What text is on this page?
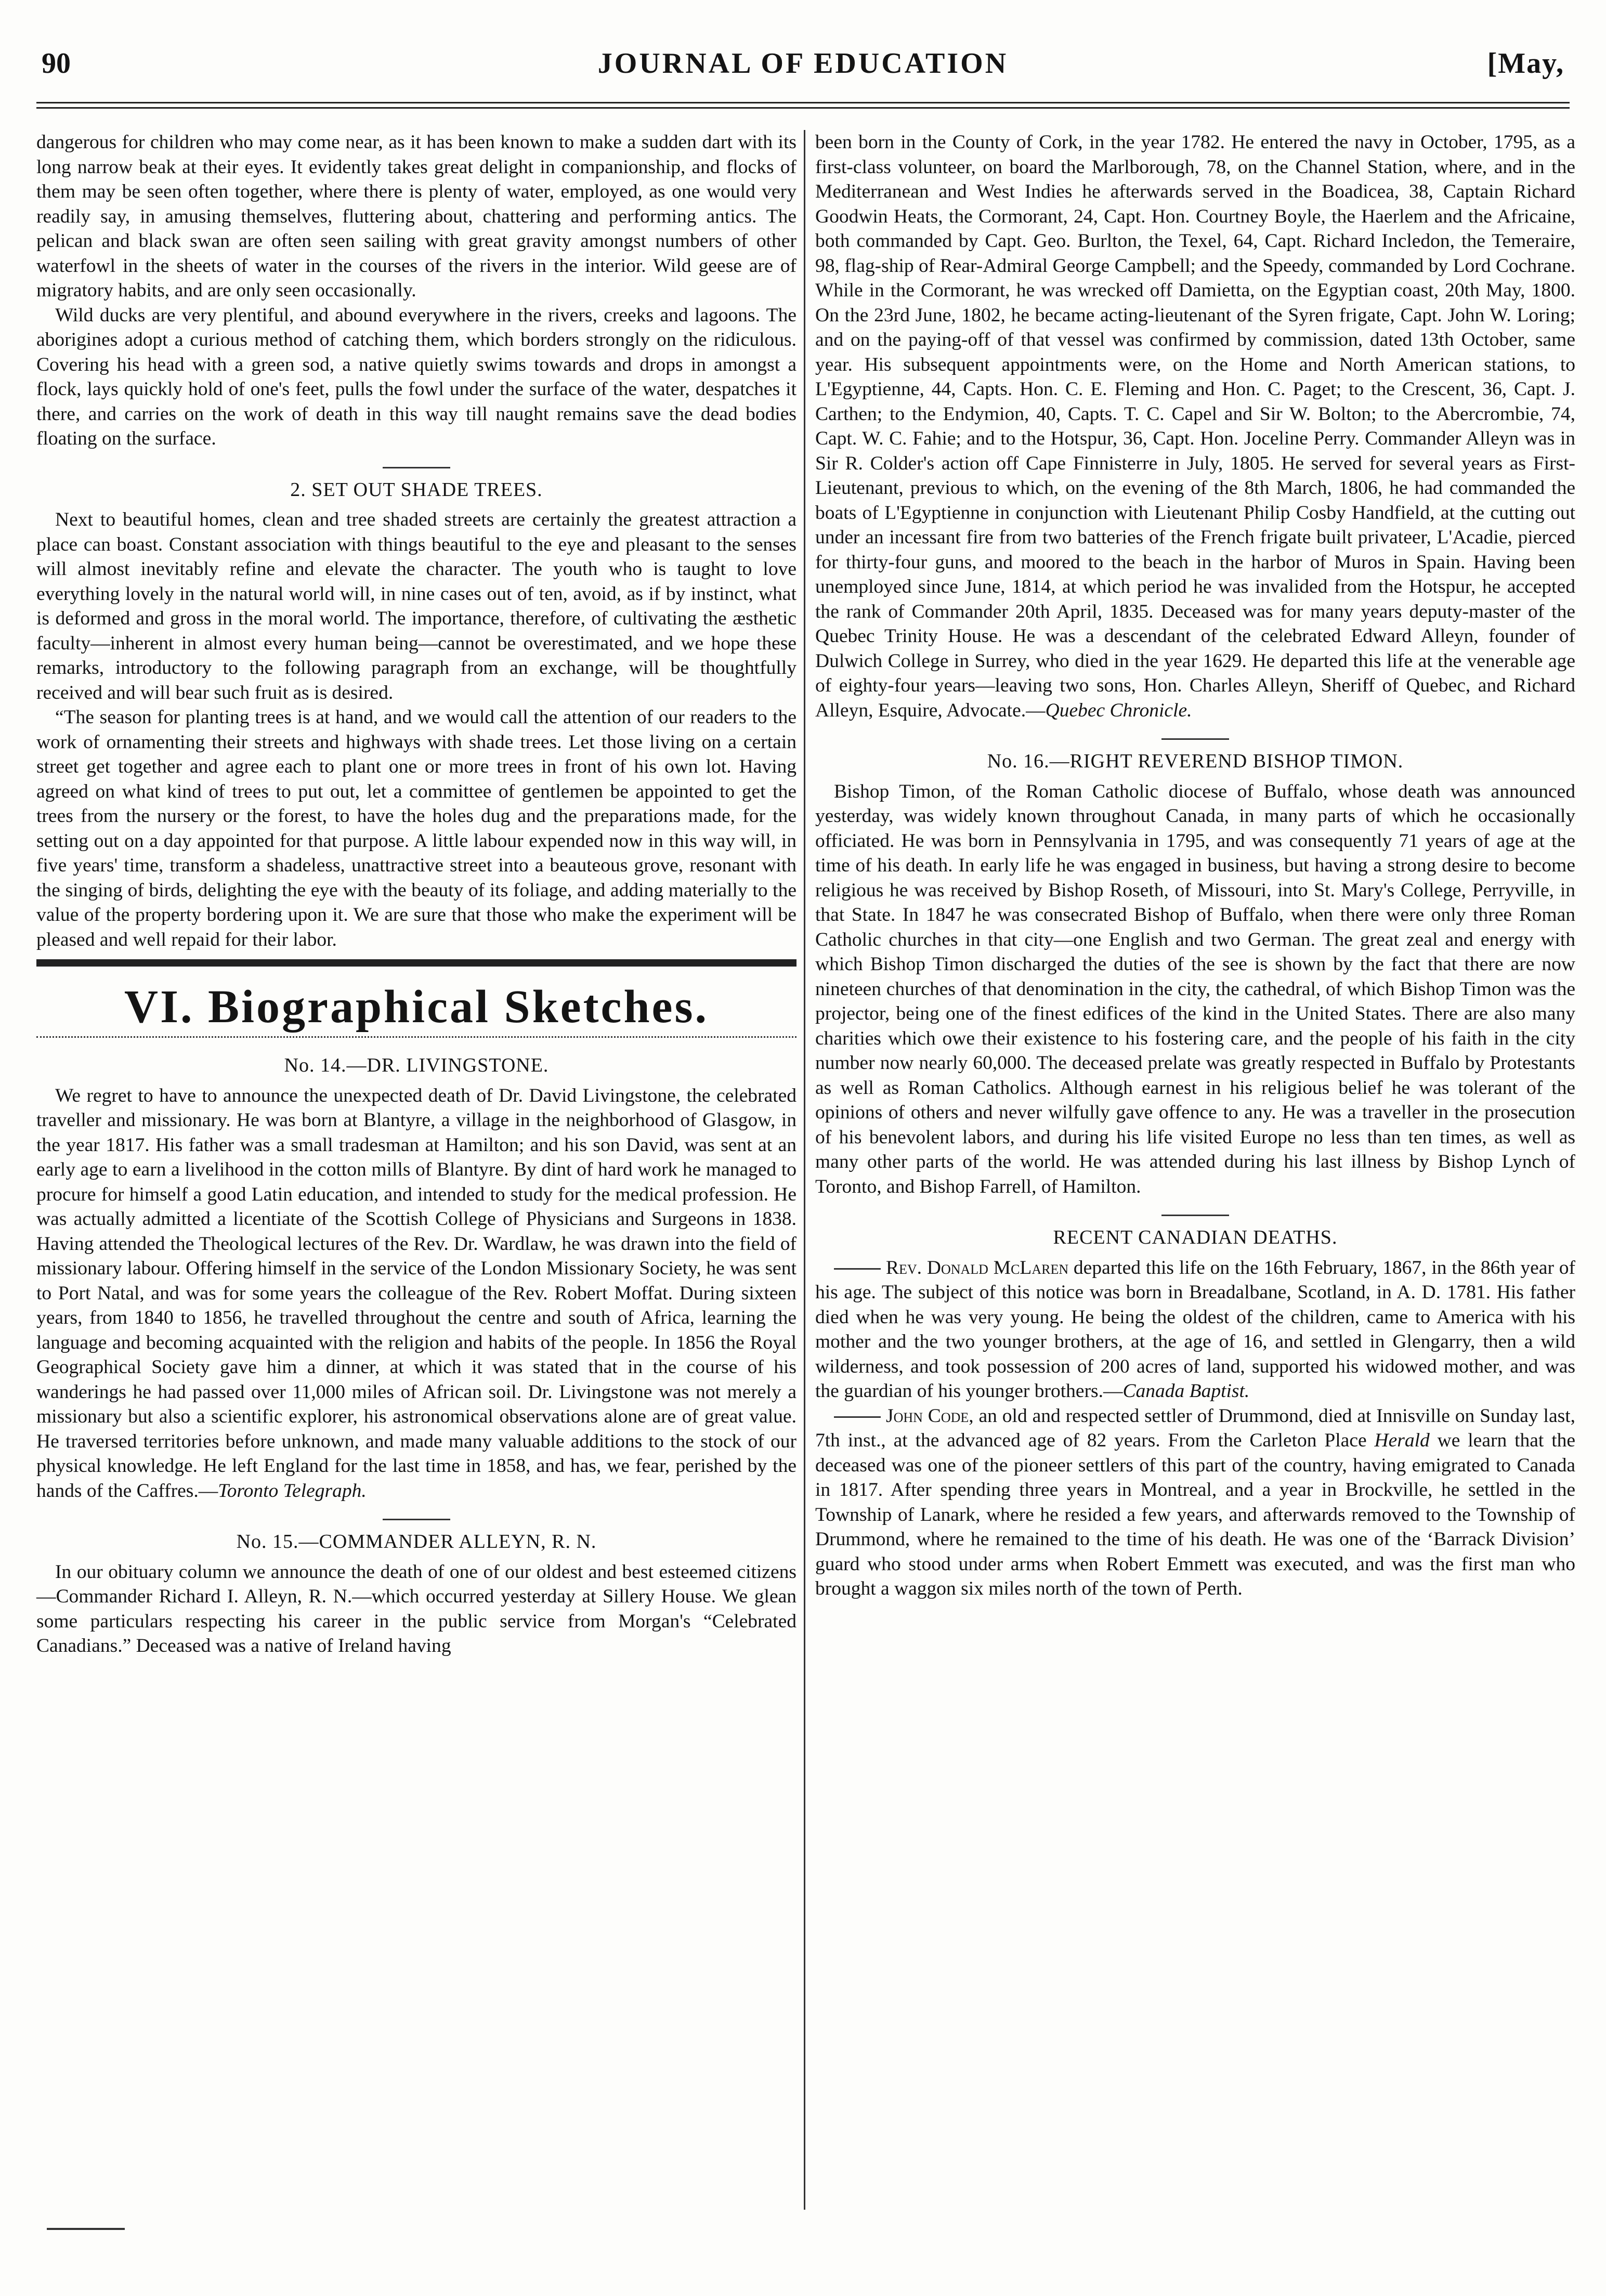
90	JOURNAL OF EDUCATION	[May,

dangerous for children who may come near, as it has been known to make a sudden dart with its long narrow beak at their eyes. It evidently takes great delight in companionship, and flocks of them may be seen often together, where there is plenty of water, employed, as one would very readily say, in amusing themselves, fluttering about, chattering and performing antics. The pelican and black swan are often seen sailing with great gravity amongst numbers of other waterfowl in the sheets of water in the courses of the rivers in the interior. Wild geese are of migratory habits, and are only seen occasionally.

Wild ducks are very plentiful, and abound everywhere in the rivers, creeks and lagoons. The aborigines adopt a curious method of catching them, which borders strongly on the ridiculous. Covering his head with a green sod, a native quietly swims towards and drops in amongst a flock, lays quickly hold of one's feet, pulls the fowl under the surface of the water, despatches it there, and carries on the work of death in this way till naught remains save the dead bodies floating on the surface.

2. SET OUT SHADE TREES.

Next to beautiful homes, clean and tree shaded streets are certainly the greatest attraction a place can boast. Constant association with things beautiful to the eye and pleasant to the senses will almost inevitably refine and elevate the character. The youth who is taught to love everything lovely in the natural world will, in nine cases out of ten, avoid, as if by instinct, what is deformed and gross in the moral world. The importance, therefore, of cultivating the æsthetic faculty—inherent in almost every human being—cannot be overestimated, and we hope these remarks, introductory to the following paragraph from an exchange, will be thoughtfully received and will bear such fruit as is desired.

“The season for planting trees is at hand, and we would call the attention of our readers to the work of ornamenting their streets and highways with shade trees. Let those living on a certain street get together and agree each to plant one or more trees in front of his own lot. Having agreed on what kind of trees to put out, let a committee of gentlemen be appointed to get the trees from the nursery or the forest, to have the holes dug and the preparations made, for the setting out on a day appointed for that purpose. A little labour expended now in this way will, in five years' time, transform a shadeless, unattractive street into a beauteous grove, resonant with the singing of birds, delighting the eye with the beauty of its foliage, and adding materially to the value of the property bordering upon it. We are sure that those who make the experiment will be pleased and well repaid for their labor.

VI. Biographical Sketches.
No. 14.—DR. LIVINGSTONE.

We regret to have to announce the unexpected death of Dr. David Livingstone, the celebrated traveller and missionary. He was born at Blantyre, a village in the neighborhood of Glasgow, in the year 1817. His father was a small tradesman at Hamilton; and his son David, was sent at an early age to earn a livelihood in the cotton mills of Blantyre. By dint of hard work he managed to procure for himself a good Latin education, and intended to study for the medical profession. He was actually admitted a licentiate of the Scottish College of Physicians and Surgeons in 1838. Having attended the Theological lectures of the Rev. Dr. Wardlaw, he was drawn into the field of missionary labour. Offering himself in the service of the London Missionary Society, he was sent to Port Natal, and was for some years the colleague of the Rev. Robert Moffat. During sixteen years, from 1840 to 1856, he travelled throughout the centre and south of Africa, learning the language and becoming acquainted with the religion and habits of the people. In 1856 the Royal Geographical Society gave him a dinner, at which it was stated that in the course of his wanderings he had passed over 11,000 miles of African soil. Dr. Livingstone was not merely a missionary but also a scientific explorer, his astronomical observations alone are of great value. He traversed territories before unknown, and made many valuable additions to the stock of our physical knowledge. He left England for the last time in 1858, and has, we fear, perished by the hands of the Caffres.—Toronto Telegraph.

No. 15.—COMMANDER ALLEYN, R. N.

In our obituary column we announce the death of one of our oldest and best esteemed citizens—Commander Richard I. Alleyn, R. N.—which occurred yesterday at Sillery House. We glean some particulars respecting his career in the public service from Morgan's “Celebrated Canadians.” Deceased was a native of Ireland having

been born in the County of Cork, in the year 1782. He entered the navy in October, 1795, as a first-class volunteer, on board the Marlborough, 78, on the Channel Station, where, and in the Mediterranean and West Indies he afterwards served in the Boadicea, 38, Captain Richard Goodwin Heats, the Cormorant, 24, Capt. Hon. Courtney Boyle, the Haerlem and the Africaine, both commanded by Capt. Geo. Burlton, the Texel, 64, Capt. Richard Incledon, the Temeraire, 98, flag-ship of Rear-Admiral George Campbell; and the Speedy, commanded by Lord Cochrane. While in the Cormorant, he was wrecked off Damietta, on the Egyptian coast, 20th May, 1800. On the 23rd June, 1802, he became acting-lieutenant of the Syren frigate, Capt. John W. Loring; and on the paying-off of that vessel was confirmed by commission, dated 13th October, same year. His subsequent appointments were, on the Home and North American stations, to L'Egyptienne, 44, Capts. Hon. C. E. Fleming and Hon. C. Paget; to the Crescent, 36, Capt. J. Carthen; to the Endymion, 40, Capts. T. C. Capel and Sir W. Bolton; to the Abercrombie, 74, Capt. W. C. Fahie; and to the Hotspur, 36, Capt. Hon. Joceline Perry. Commander Alleyn was in Sir R. Colder's action off Cape Finnisterre in July, 1805. He served for several years as First-Lieutenant, previous to which, on the evening of the 8th March, 1806, he had commanded the boats of L'Egyptienne in conjunction with Lieutenant Philip Cosby Handfield, at the cutting out under an incessant fire from two batteries of the French frigate built privateer, L'Acadie, pierced for thirty-four guns, and moored to the beach in the harbor of Muros in Spain. Having been unemployed since June, 1814, at which period he was invalided from the Hotspur, he accepted the rank of Commander 20th April, 1835. Deceased was for many years deputy-master of the Quebec Trinity House. He was a descendant of the celebrated Edward Alleyn, founder of Dulwich College in Surrey, who died in the year 1629. He departed this life at the venerable age of eighty-four years—leaving two sons, Hon. Charles Alleyn, Sheriff of Quebec, and Richard Alleyn, Esquire, Advocate.—Quebec Chronicle.

No. 16.—RIGHT REVEREND BISHOP TIMON.

Bishop Timon, of the Roman Catholic diocese of Buffalo, whose death was announced yesterday, was widely known throughout Canada, in many parts of which he occasionally officiated. He was born in Pennsylvania in 1795, and was consequently 71 years of age at the time of his death. In early life he was engaged in business, but having a strong desire to become religious he was received by Bishop Roseth, of Missouri, into St. Mary's College, Perryville, in that State. In 1847 he was consecrated Bishop of Buffalo, when there were only three Roman Catholic churches in that city—one English and two German. The great zeal and energy with which Bishop Timon discharged the duties of the see is shown by the fact that there are now nineteen churches of that denomination in the city, the cathedral, of which Bishop Timon was the projector, being one of the finest edifices of the kind in the United States. There are also many charities which owe their existence to his fostering care, and the people of his faith in the city number now nearly 60,000. The deceased prelate was greatly respected in Buffalo by Protestants as well as Roman Catholics. Although earnest in his religious belief he was tolerant of the opinions of others and never wilfully gave offence to any. He was a traveller in the prosecution of his benevolent labors, and during his life visited Europe no less than ten times, as well as many other parts of the world. He was attended during his last illness by Bishop Lynch of Toronto, and Bishop Farrell, of Hamilton.

RECENT CANADIAN DEATHS.

Rev. Donald McLaren departed this life on the 16th February, 1867, in the 86th year of his age. The subject of this notice was born in Breadalbane, Scotland, in A. D. 1781. His father died when he was very young. He being the oldest of the children, came to America with his mother and the two younger brothers, at the age of 16, and settled in Glengarry, then a wild wilderness, and took possession of 200 acres of land, supported his widowed mother, and was the guardian of his younger brothers.—Canada Baptist.

John Code, an old and respected settler of Drummond, died at Innisville on Sunday last, 7th inst., at the advanced age of 82 years. From the Carleton Place Herald we learn that the deceased was one of the pioneer settlers of this part of the country, having emigrated to Canada in 1817. After spending three years in Montreal, and a year in Brockville, he settled in the Township of Lanark, where he resided a few years, and afterwards removed to the Township of Drummond, where he remained to the time of his death. He was one of the ‘Barrack Division’ guard who stood under arms when Robert Emmett was executed, and was the first man who brought a waggon six miles north of the town of Perth.
